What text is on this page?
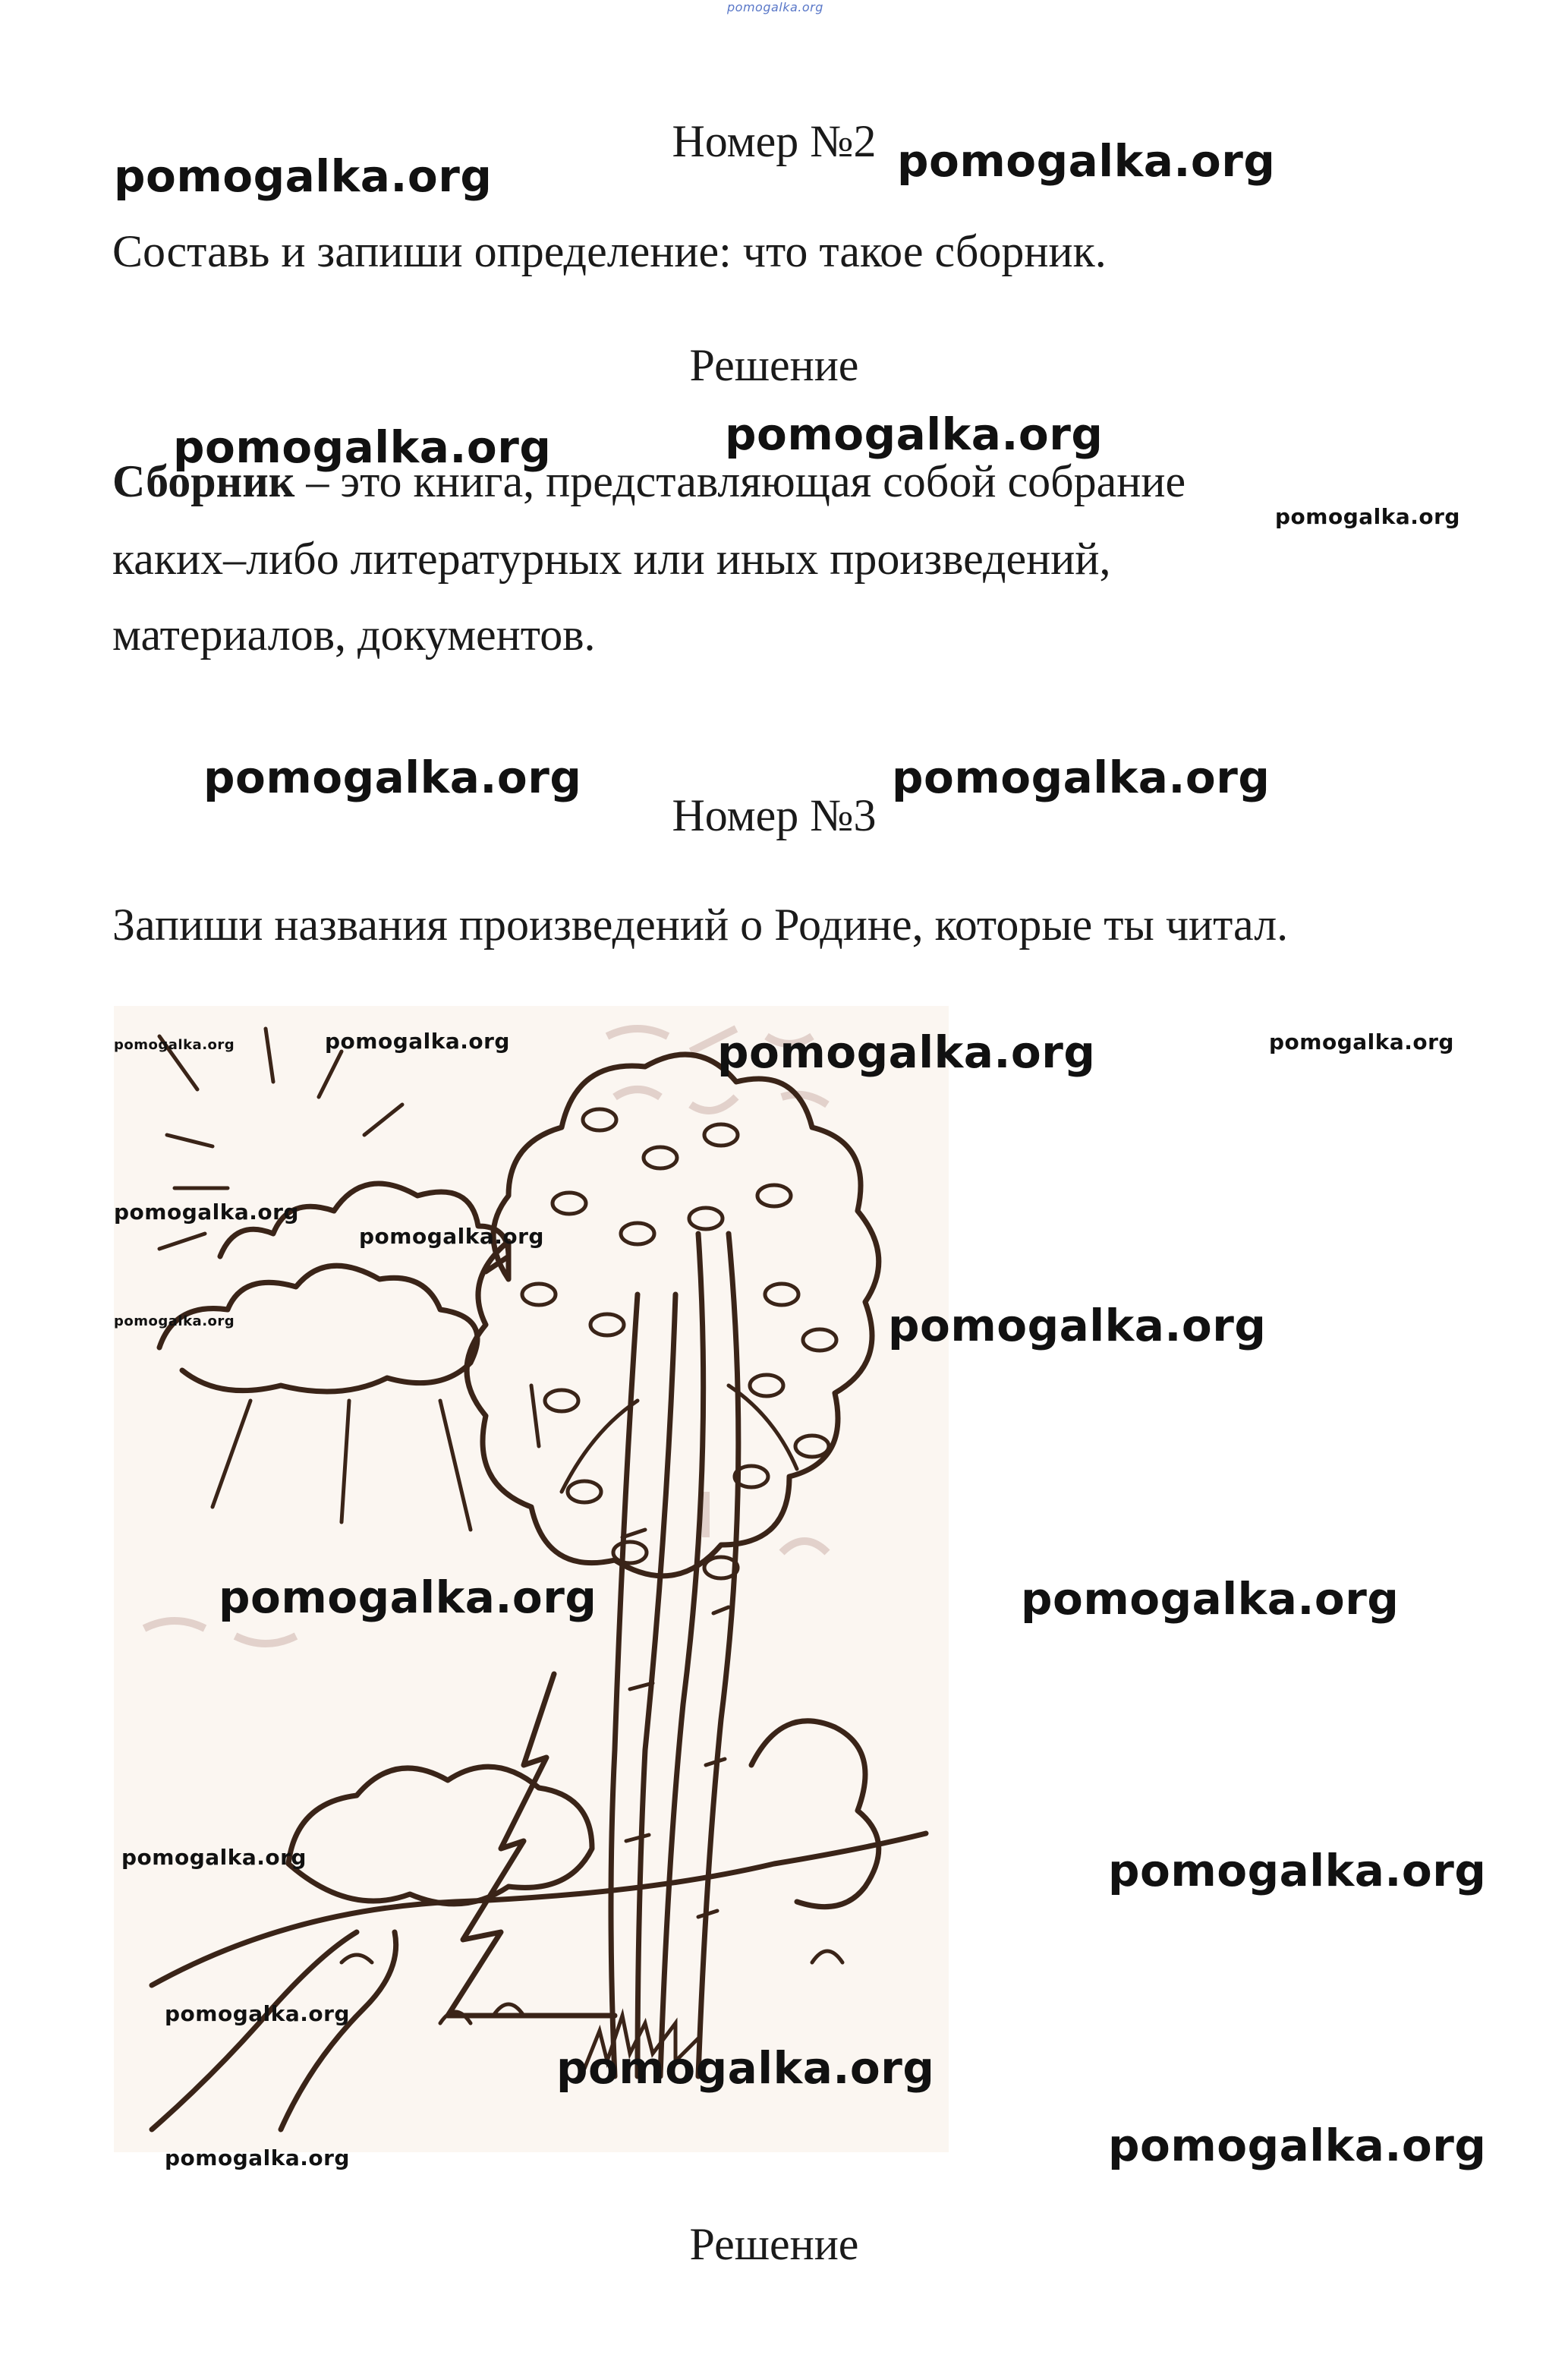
pomogalka.org
Номер №2
pomogalka.org	pomogalka.org
Составь и запиши определение: что такое сборник.
Решение
pomogalka.org	pomogalka.org
pomogalka.org
Сборник – это книга, представляющая собой собрание
каких–либо литературных или иных произведений,
материалов, документов.
pomogalka.org	pomogalka.org
Номер №3
Запиши названия произведений о Родине, которые ты читал.
pomogalka.org	pomogalka.org	pomogalka.org	pomogalka.org
pomogalka.org
pomogalka.org
pomogalka.org	pomogalka.org
pomogalka.org	pomogalka.org
pomogalka.org	pomogalka.org
pomogalka.org
pomogalka.org
pomogalka.org	pomogalka.org
Решение
